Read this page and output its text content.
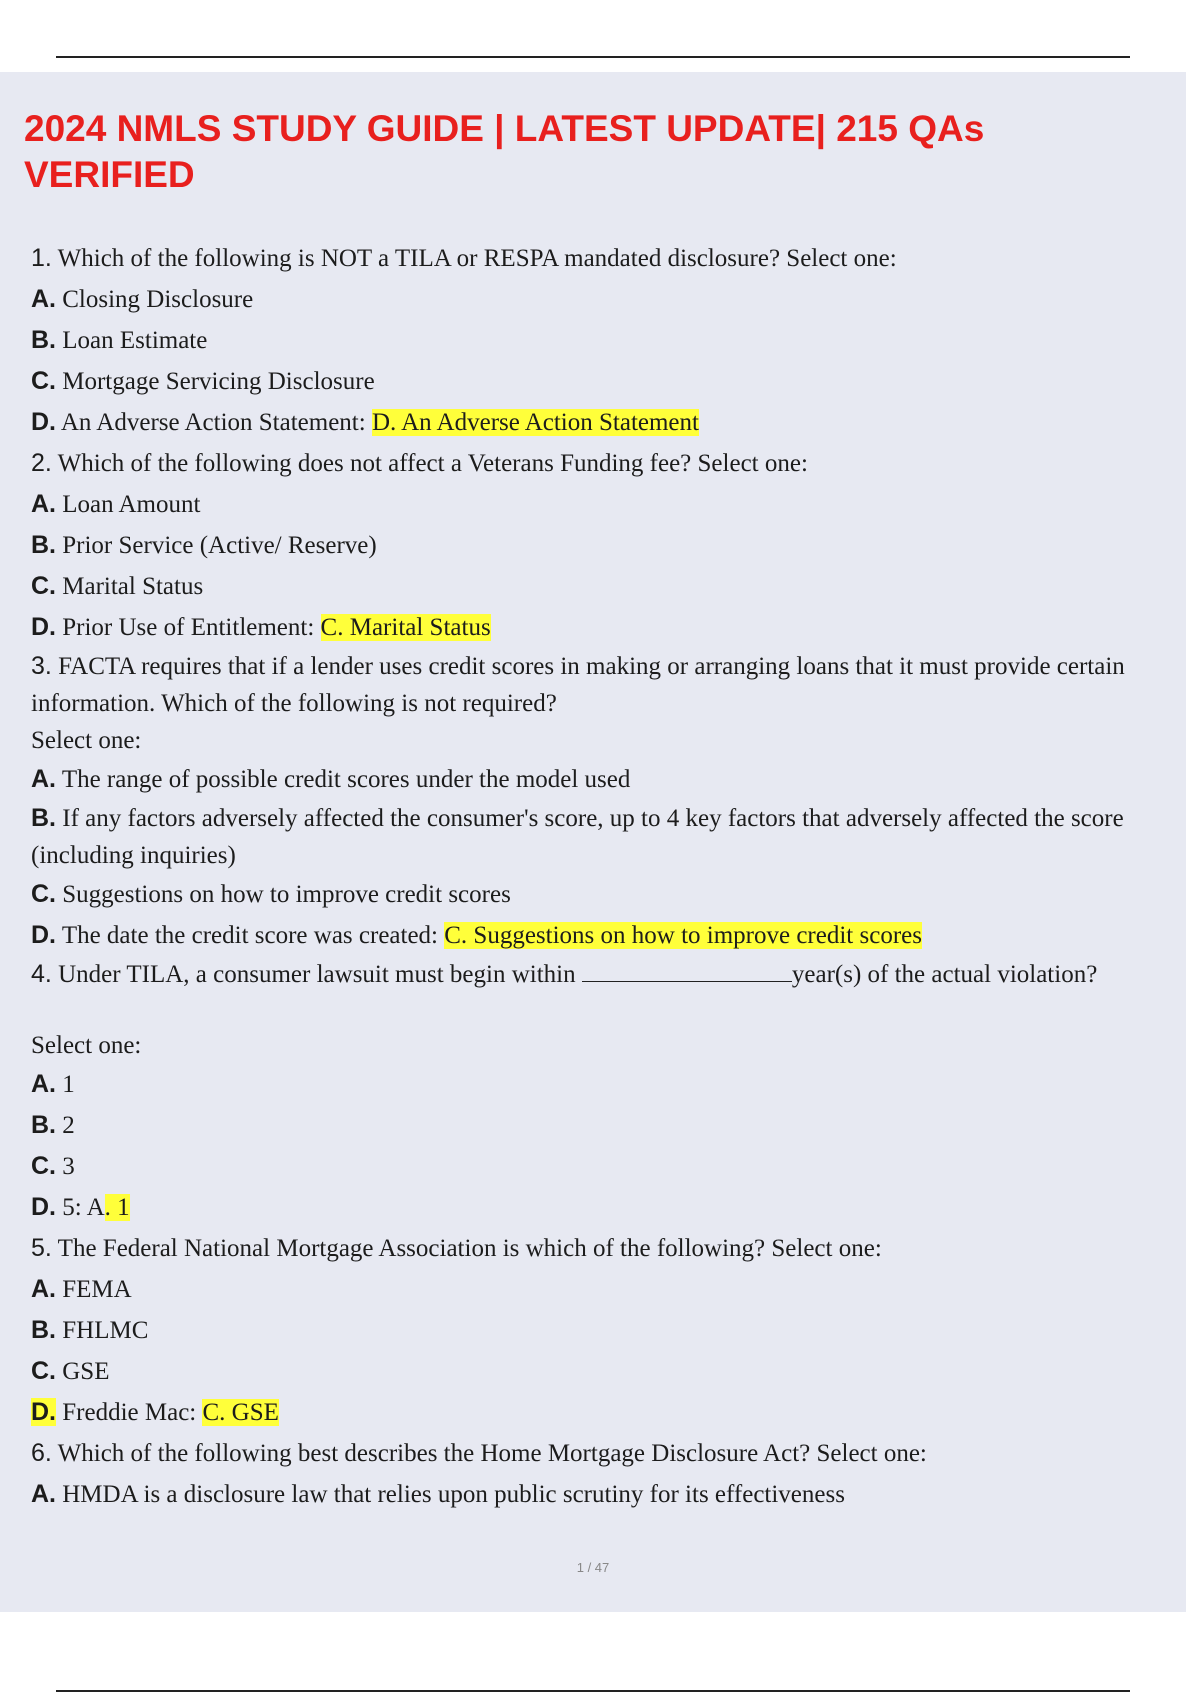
2024 NMLS STUDY GUIDE | LATEST UPDATE| 215 QAs VERIFIED
1. Which of the following is NOT a TILA or RESPA mandated disclosure? Select one:
A. Closing Disclosure
B. Loan Estimate
C. Mortgage Servicing Disclosure
D. An Adverse Action Statement: D. An Adverse Action Statement
2. Which of the following does not affect a Veterans Funding fee? Select one:
A. Loan Amount
B. Prior Service (Active/ Reserve)
C. Marital Status
D. Prior Use of Entitlement: C. Marital Status
3. FACTA requires that if a lender uses credit scores in making or arranging loans that it must provide certain information. Which of the following is not required?
Select one:
A. The range of possible credit scores under the model used
B. If any factors adversely affected the consumer's score, up to 4 key factors that adversely affected the score (including inquiries)
C. Suggestions on how to improve credit scores
D. The date the credit score was created: C. Suggestions on how to improve credit scores
4. Under TILA, a consumer lawsuit must begin within	year(s) of the actual violation?
Select one:
A. 1
B. 2
C. 3
D. 5: A. 1
5. The Federal National Mortgage Association is which of the following? Select one:
A. FEMA
B. FHLMC
C. GSE
D. Freddie Mac: C. GSE
6. Which of the following best describes the Home Mortgage Disclosure Act? Select one:
A. HMDA is a disclosure law that relies upon public scrutiny for its effectiveness
1 / 47
